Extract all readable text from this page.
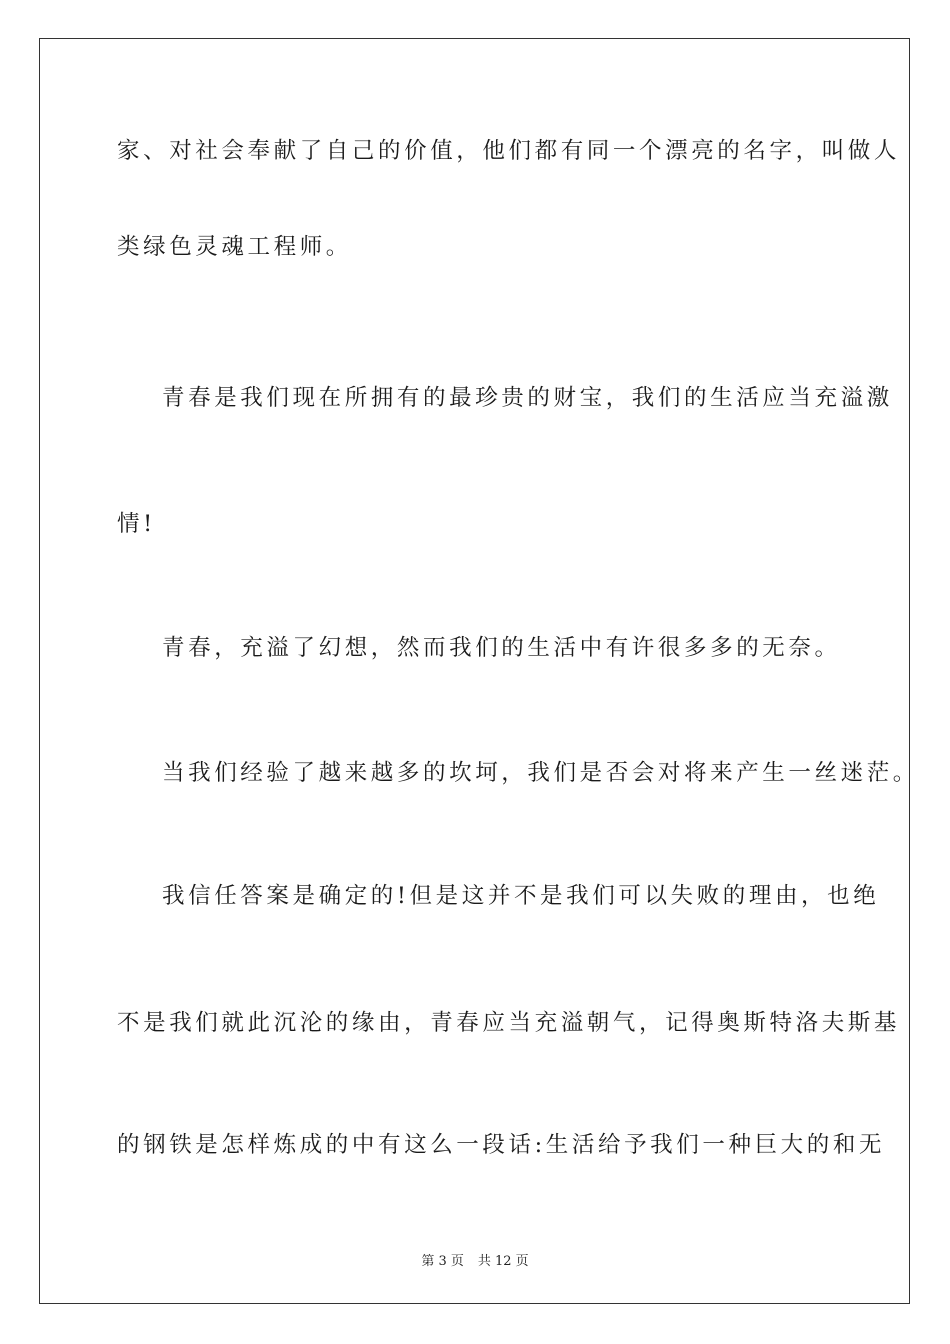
家、对社会奉献了自己的价值，他们都有同一个漂亮的名字，叫做人
类绿色灵魂工程师。
青春是我们现在所拥有的最珍贵的财宝，我们的生活应当充溢激
情!
青春，充溢了幻想，然而我们的生活中有许很多多的无奈。
当我们经验了越来越多的坎坷，我们是否会对将来产生一丝迷茫。
我信任答案是确定的!但是这并不是我们可以失败的理由，也绝
不是我们就此沉沦的缘由，青春应当充溢朝气，记得奥斯特洛夫斯基
的钢铁是怎样炼成的中有这么一段话:生活给予我们一种巨大的和无
第 3 页 共 12 页
